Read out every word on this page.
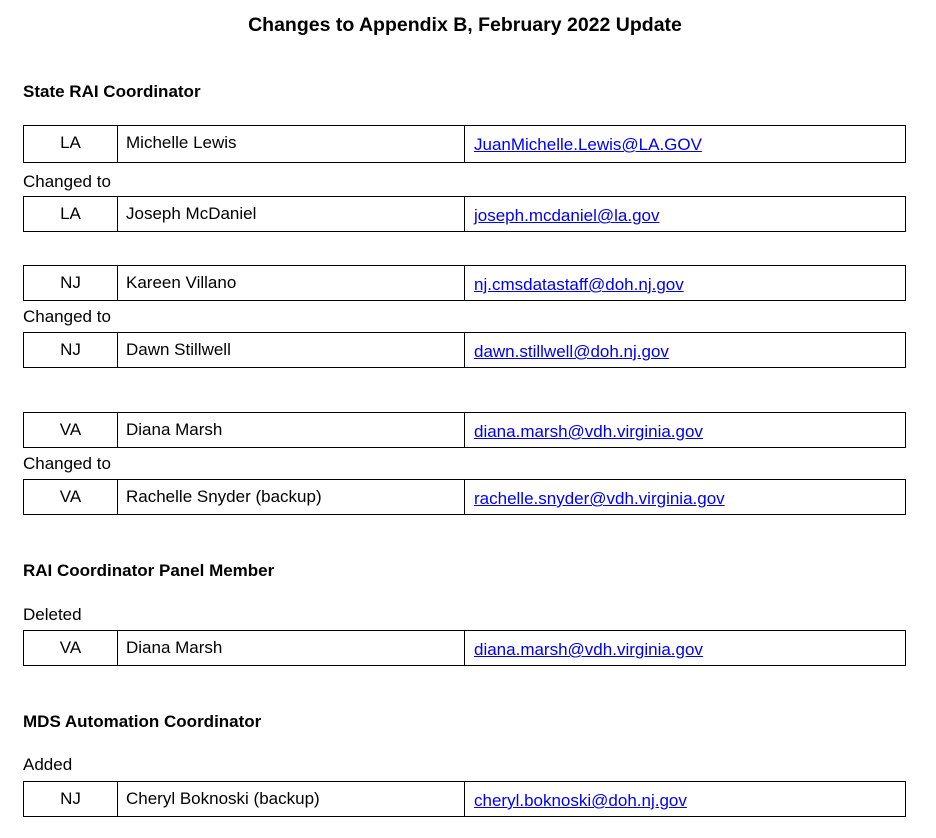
Changes to Appendix B, February 2022 Update
State RAI Coordinator
LA	Michelle Lewis	JuanMichelle.Lewis@LA.GOV
Changed to
LA	Joseph McDaniel	joseph.mcdaniel@la.gov
NJ	Kareen Villano	nj.cmsdatastaff@doh.nj.gov
Changed to
NJ	Dawn Stillwell	dawn.stillwell@doh.nj.gov
VA	Diana Marsh	diana.marsh@vdh.virginia.gov
Changed to
VA	Rachelle Snyder (backup)	rachelle.snyder@vdh.virginia.gov
RAI Coordinator Panel Member
Deleted
VA	Diana Marsh	diana.marsh@vdh.virginia.gov
MDS Automation Coordinator
Added
NJ	Cheryl Boknoski (backup)	cheryl.boknoski@doh.nj.gov
